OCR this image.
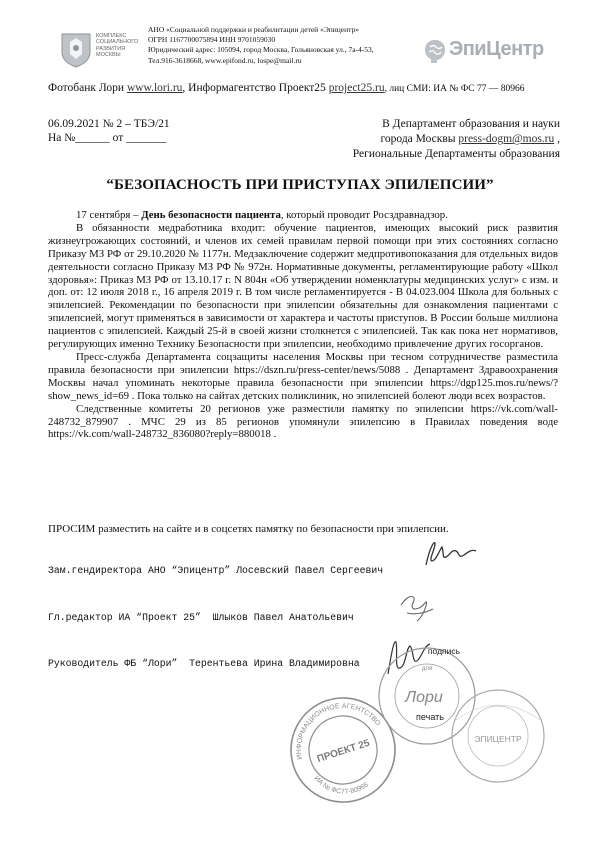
КОМПЛЕКС
СОЦИАЛЬНОГО
РАЗВИТИЯ
МОСКВЫ
АНО «Социальной поддержки и реабилитации детей «Эпицентр»
ОГРН 1167700075894 ИНН 9701059030
Юридический адрес: 105094, город Москва, Гольяновская ул., 7а-4-53,
Тел.916-3618668, www.epifond.ru, lospe@mail.ru
ЭпиЦентр
Фотобанк Лори www.lori.ru, Информагентство Проект25 project25.ru, лиц СМИ: ИА № ФС 77 — 80966
06.09.2021 № 2 – ТБЭ/21
На №______ от _______
В Департамент образования и науки
города Москвы press-dogm@mos.ru ,
Региональные Департаменты образования
“БЕЗОПАСНОСТЬ ПРИ ПРИСТУПАХ ЭПИЛЕПСИИ”

17 сентября – День безопасности пациента, который проводит Росздравнадзор.

В обязанности медработника входит: обучение пациентов, имеющих высокий риск развития жизнеугрожающих состояний, и членов их семей правилам первой помощи при этих состояниях согласно Приказу МЗ РФ от 29.10.2020 № 1177н. Медзаключение содержит медпротивопоказания для отдельных видов деятельности согласно Приказу МЗ РФ № 972н. Нормативные документы, регламентирующие работу «Школ здоровья»: Приказ МЗ РФ от 13.10.17 г. N 804н «Об утверждении номенклатуры медицинских услуг» с изм. и доп. от: 12 июля 2018 г., 16 апреля 2019 г. В том числе регламентируется - В 04.023.004 Школа для больных с эпилепсией. Рекомендации по безопасности при эпилепсии обязательны для ознакомления пациентами с эпилепсией, могут применяться в зависимости от характера и частоты приступов. В России больше миллиона пациентов с эпилепсией. Каждый 25-й в своей жизни столкнется с эпилепсией. Так как пока нет нормативов, регулирующих именно Технику Безопасности при эпилепсии, необходимо привлечение других госорганов.

Пресс-служба Департамента соцзащиты населения Москвы при тесном сотрудничестве разместила правила безопасности при эпилепсии https://dszn.ru/press-center/news/5088 . Департамент Здравоохранения Москвы начал упоминать некоторые правила безопасности при эпилепсии https://dgp125.mos.ru/news/?show_news_id=69 . Пока только на сайтах детских поликлиник, но эпилепсией болеют люди всех возрастов.

Следственные комитеты 20 регионов уже разместили памятку по эпилепсии https://vk.com/wall-248732_879907 . МЧС 29 из 85 регионов упомянули эпилепсию в Правилах поведения воде https://vk.com/wall-248732_836080?reply=880018 .

ПРОСИМ разместить на сайте и в соцсетях памятку по безопасности при эпилепсии.
Зам.гендиректора АНО “Эпицентр” Лосевский Павел Сергеевич
Гл.редактор ИА “Проект 25”  Шлыков Павел Анатольевич
Руководитель ФБ “Лори”  Терентьева Ирина Владимировна
ИНФОРМАЦИОННОЕ АГЕНТСТВО
ИА № ФС77-80966
ПРОЕКТ 25
подпись
для
Лори
печать
ЭПИЦЕНТР
